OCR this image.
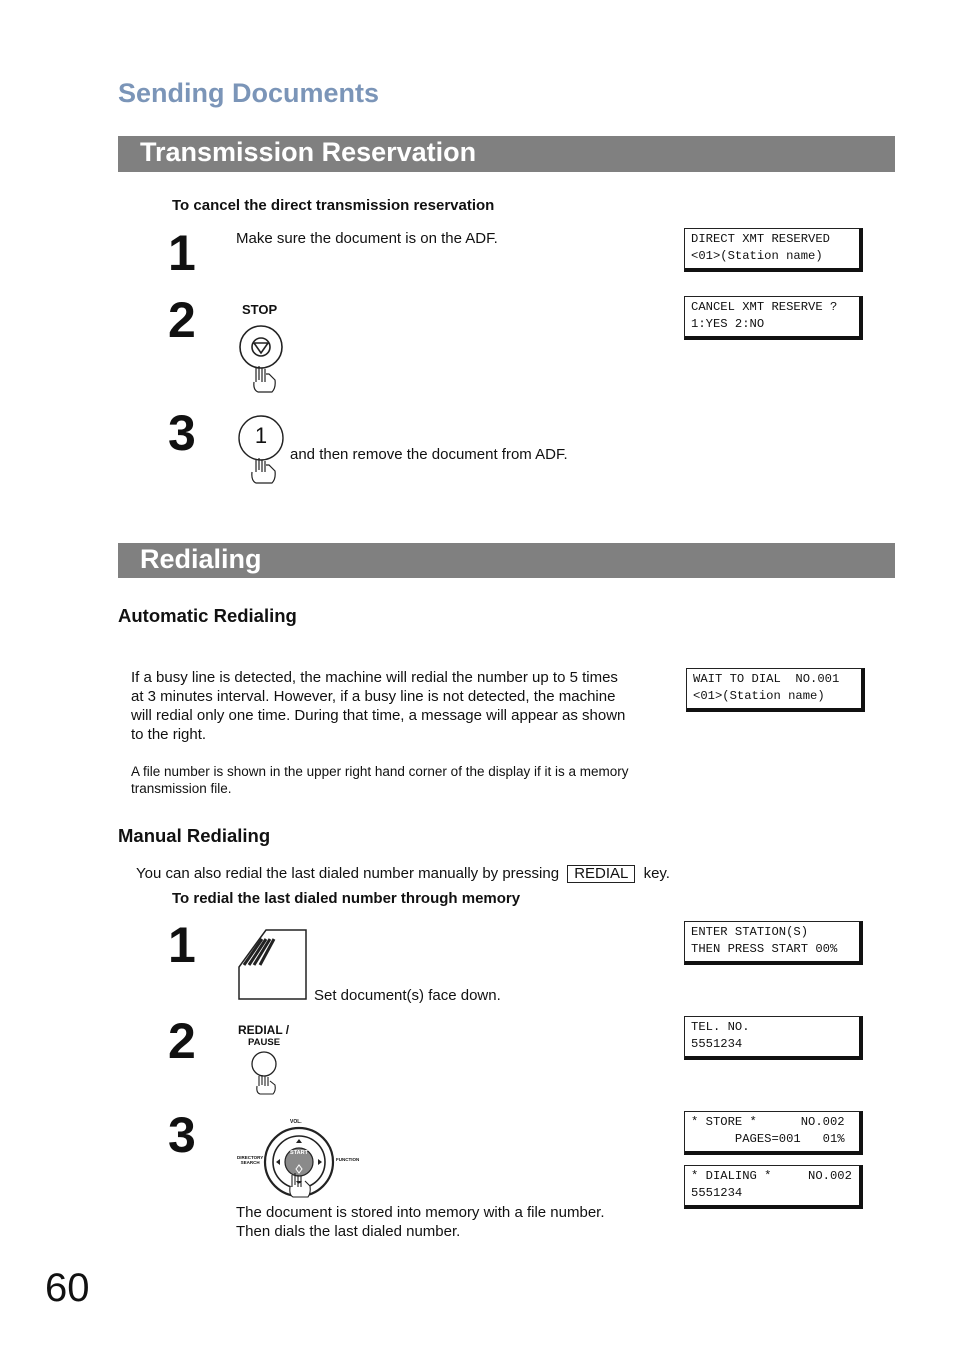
Sending Documents
Transmission Reservation
To cancel the direct transmission reservation
1	Make sure the document is on the ADF.	DIRECT XMT RESERVED
<01>(Station name)
2	STOP	CANCEL XMT RESERVE ?
1:YES 2:NO
3	1
and then remove the document from ADF.
Redialing
Automatic Redialing
If a busy line is detected, the machine will redial the number up to 5 times
at 3 minutes interval. However, if a busy line is not detected, the machine
will redial only one time. During that time, a message will appear as shown
to the right.
WAIT TO DIAL  NO.001
<01>(Station name)
A file number is shown in the upper right hand corner of the display if it is a memory
transmission file.
Manual Redialing
You can also redial the last dialed number manually by pressing REDIAL key.
To redial the last dialed number through memory
1
Set document(s) face down.
ENTER STATION(S)
THEN PRESS START 00%
2	REDIAL /
PAUSE
TEL. NO.
5551234
3	START
VOL.
DIRECTORY
SEARCH
FUNCTION
The document is stored into memory with a file number.
Then dials the last dialed number.
* STORE *      NO.002
PAGES=001   01%
* DIALING *     NO.002
5551234
60
